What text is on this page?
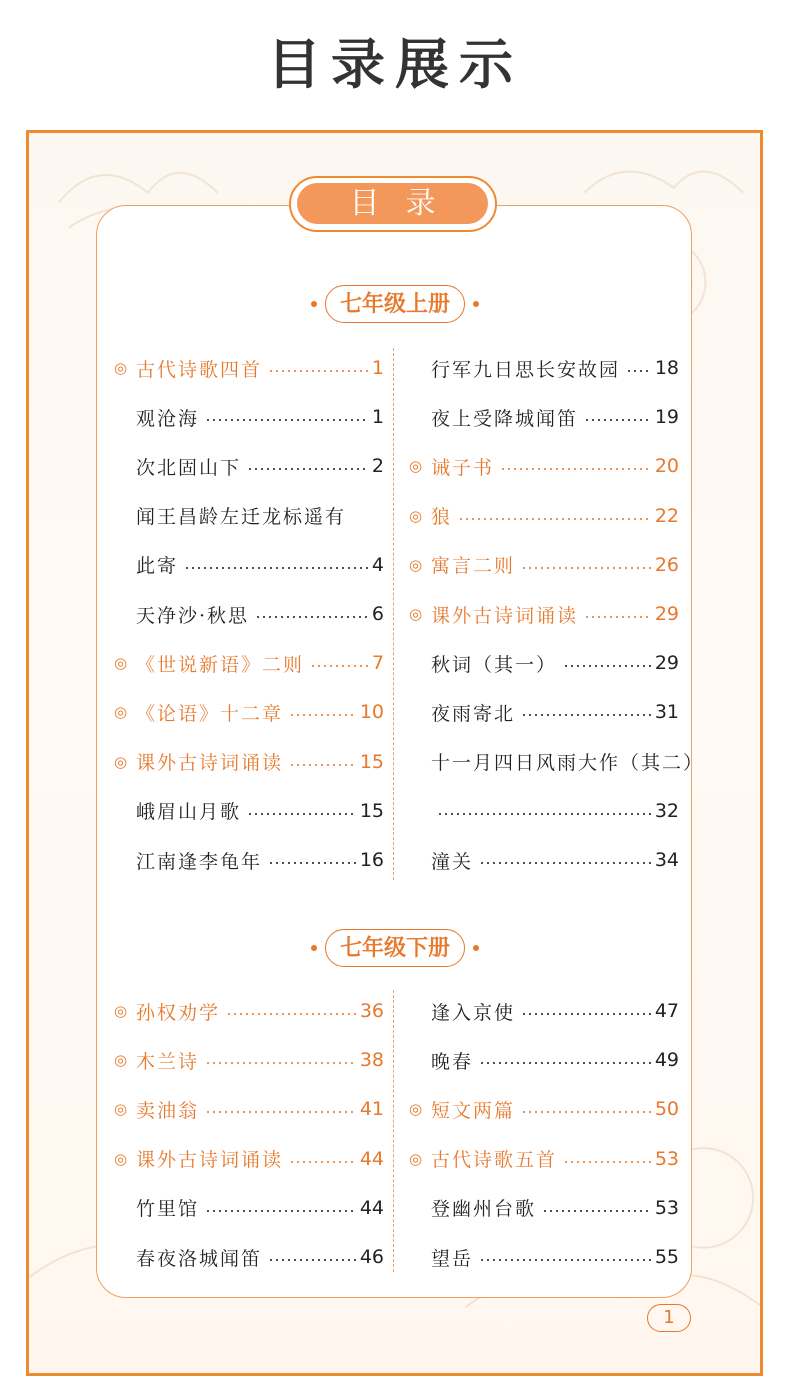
目录展示
目录
七年级上册
◎ 古代诗歌四首	1
观沧海	1
次北固山下	2
闻王昌龄左迁龙标遥有
此寄	4
天净沙·秋思	6
◎ 《世说新语》二则	7
◎ 《论语》十二章	10
◎ 课外古诗词诵读	15
峨眉山月歌	15
江南逢李龟年	16
行军九日思长安故园 18
夜上受降城闻笛	19
◎ 诫子书	20
◎ 狼	22
◎ 寓言二则	26
◎ 课外古诗词诵读	29
秋词（其一）	29
夜雨寄北	31
十一月四日风雨大作（其二）
32
潼关	34
七年级下册
◎ 孙权劝学	36
◎ 木兰诗	38
◎ 卖油翁	41
◎ 课外古诗词诵读	44
竹里馆	44
春夜洛城闻笛	46
逢入京使	47
晚春	49
◎ 短文两篇	50
◎ 古代诗歌五首	53
登幽州台歌	53
望岳	55
1
